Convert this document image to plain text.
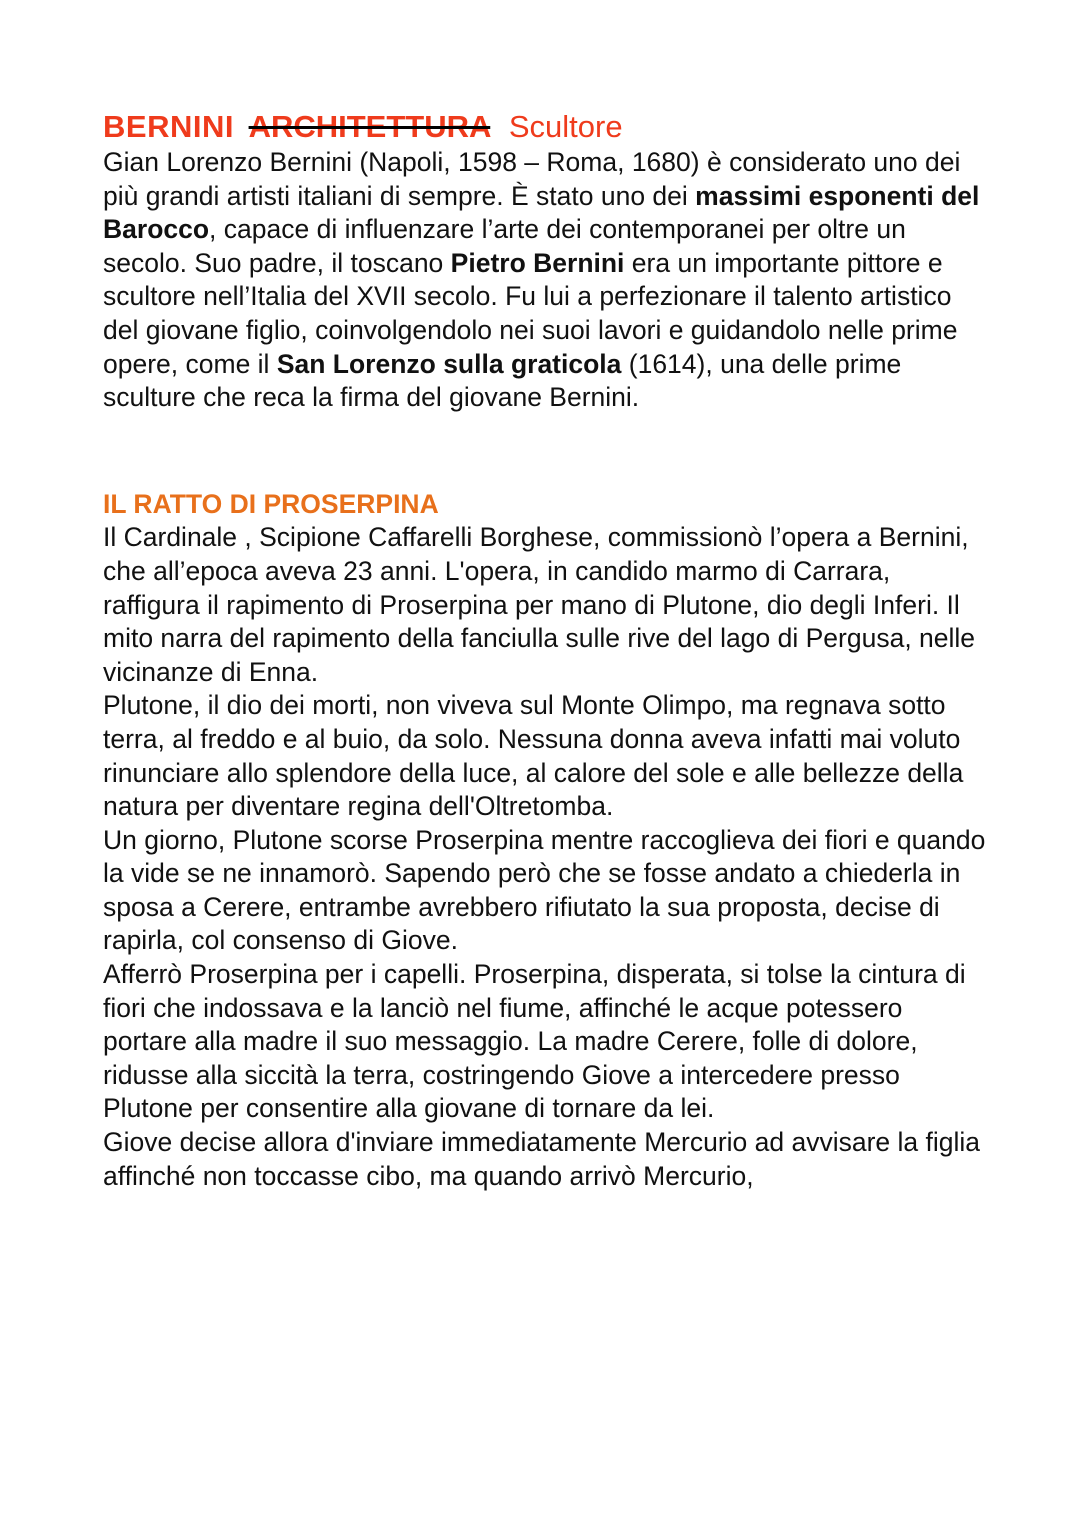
BERNINI ARCHITETTURA Scultore

Gian Lorenzo Bernini (Napoli, 1598 – Roma, 1680) è considerato uno dei più grandi artisti italiani di sempre. È stato uno dei massimi esponenti del Barocco, capace di influenzare l’arte dei contemporanei per oltre un secolo. Suo padre, il toscano Pietro Bernini era un importante pittore e scultore nell’Italia del XVII secolo. Fu lui a perfezionare il talento artistico del giovane figlio, coinvolgendolo nei suoi lavori e guidandolo nelle prime opere, come il San Lorenzo sulla graticola (1614), una delle prime sculture che reca la firma del giovane Bernini.

IL RATTO DI PROSERPINA

Il Cardinale , Scipione Caffarelli Borghese, commissionò l’opera a Bernini, che all’epoca aveva 23 anni. L'opera, in candido marmo di Carrara, raffigura il rapimento di Proserpina per mano di Plutone, dio degli Inferi. Il mito narra del rapimento della fanciulla sulle rive del lago di Pergusa, nelle vicinanze di Enna.

Plutone, il dio dei morti, non viveva sul Monte Olimpo, ma regnava sotto terra, al freddo e al buio, da solo. Nessuna donna aveva infatti mai voluto rinunciare allo splendore della luce, al calore del sole e alle bellezze della natura per diventare regina dell'Oltretomba.

Un giorno, Plutone scorse Proserpina mentre raccoglieva dei fiori e quando la vide se ne innamorò. Sapendo però che se fosse andato a chiederla in sposa a Cerere, entrambe avrebbero rifiutato la sua proposta, decise di rapirla, col consenso di Giove.

Afferrò Proserpina per i capelli. Proserpina, disperata, si tolse la cintura di fiori che indossava e la lanciò nel fiume, affinché le acque potessero portare alla madre il suo messaggio. La madre Cerere, folle di dolore, ridusse alla siccità la terra, costringendo Giove a intercedere presso Plutone per consentire alla giovane di tornare da lei.

Giove decise allora d'inviare immediatamente Mercurio ad avvisare la figlia affinché non toccasse cibo, ma quando arrivò Mercurio,
